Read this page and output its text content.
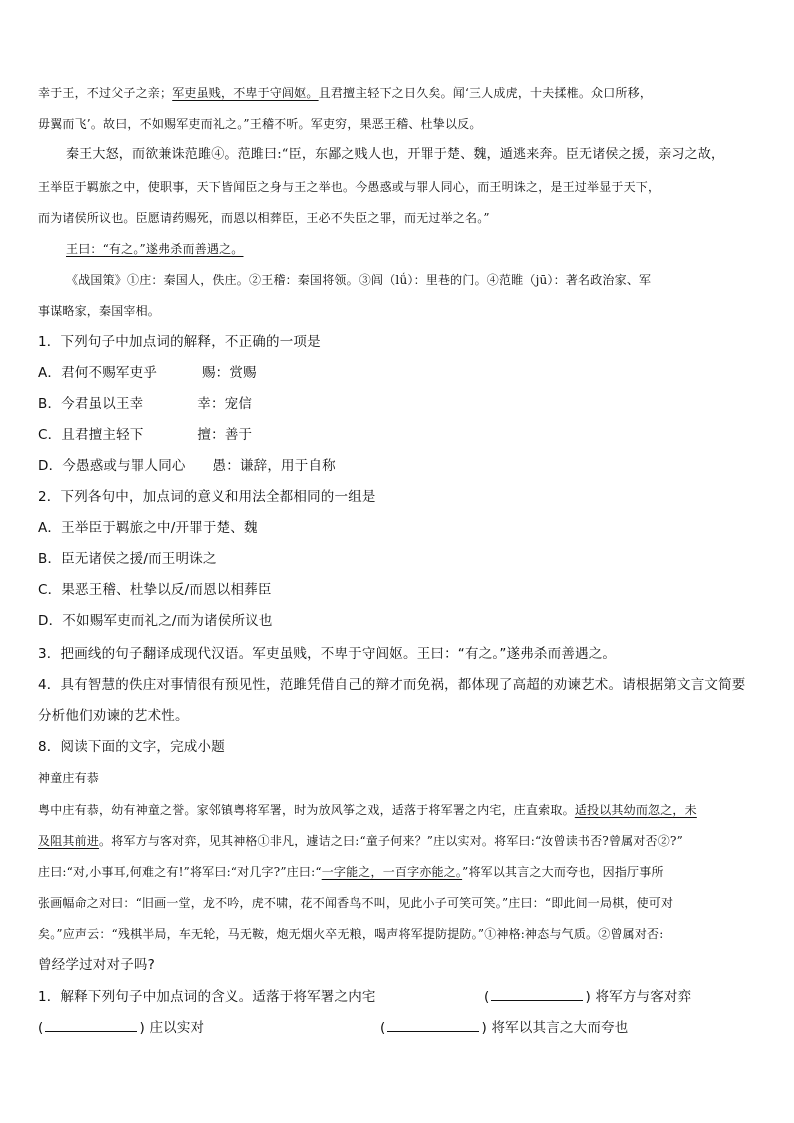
幸于王，不过父子之亲；军吏虽贱，不卑于守闾妪。且君擅主轻下之日久矣。闻‘三人成虎，十夫揉椎。众口所移，
毋翼而飞’。故曰，不如赐军吏而礼之。”王稽不听。军吏穷，果恶王稽、杜挚以反。
秦王大怒，而欲兼诛范雎④。范雎曰:“臣，东鄙之贱人也，开罪于楚、魏，遁逃来奔。臣无诸侯之援，亲习之故，
王举臣于羁旅之中，使职事，天下皆闻臣之身与王之举也。今愚惑或与罪人同心，而王明诛之，是王过举显于天下，
而为诸侯所议也。臣愿请药赐死，而恩以相葬臣，王必不失臣之罪，而无过举之名。”
王曰：“有之。”遂弗杀而善遇之。
《战国策》①庄：秦国人，佚庄。②王稽：秦国将领。③闾（lǘ）：里巷的门。④范睢（jū）：著名政治家、军
事谋略家，秦国宰相。
1．下列句子中加点词的解释，不正确的一项是
A．君何不赐军吏乎          赐：赏赐
B．今君虽以王幸            幸：宠信
C．且君擅主轻下            擅：善于
D．今愚惑或与罪人同心      愚：谦辞，用于自称
2．下列各句中，加点词的意义和用法全都相同的一组是
A．王举臣于羁旅之中/开罪于楚、魏
B．臣无诸侯之援/而王明诛之
C．果恶王稽、杜挚以反/而恩以相葬臣
D．不如赐军吏而礼之/而为诸侯所议也
3．把画线的句子翻译成现代汉语。军吏虽贱，不卑于守闾妪。王曰：“有之。”遂弗杀而善遇之。
4．具有智慧的佚庄对事情很有预见性，范雎凭借自己的辩才而免祸，都体现了高超的劝谏艺术。请根据第文言文简要
分析他们劝谏的艺术性。
8．阅读下面的文字，完成小题
神童庄有恭
粤中庄有恭，幼有神童之誉。家邻镇粤将军署，时为放风筝之戏，适落于将军署之内宅，庄直索取。适投以其幼而忽之，未
及阻其前进。将军方与客对弈，见其神格①非凡，遽诘之曰:“童子何来？”庄以实对。将军曰:“汝曾读书否?曾属对否②?”
庄曰:“对,小事耳,何难之有!”将军曰:“对几字?”庄曰:“一字能之，一百字亦能之。”将军以其言之大而夸也，因指厅事所
张画幅命之对曰：“旧画一堂，龙不吟，虎不啸，花不闻香鸟不叫，见此小子可笑可笑。”庄曰：“即此间一局棋，使可对
矣。”应声云：“残棋半局，车无轮，马无鞍，炮无烟火卒无粮，喝声将军提防提防。”①神格:神态与气质。②曾属对否:
曾经学过对对子吗?
1．解释下列句子中加点词的含义。适落于将军署之内宅	(	) 将军方与客对弈
(	) 庄以实对	(	) 将军以其言之大而夸也
